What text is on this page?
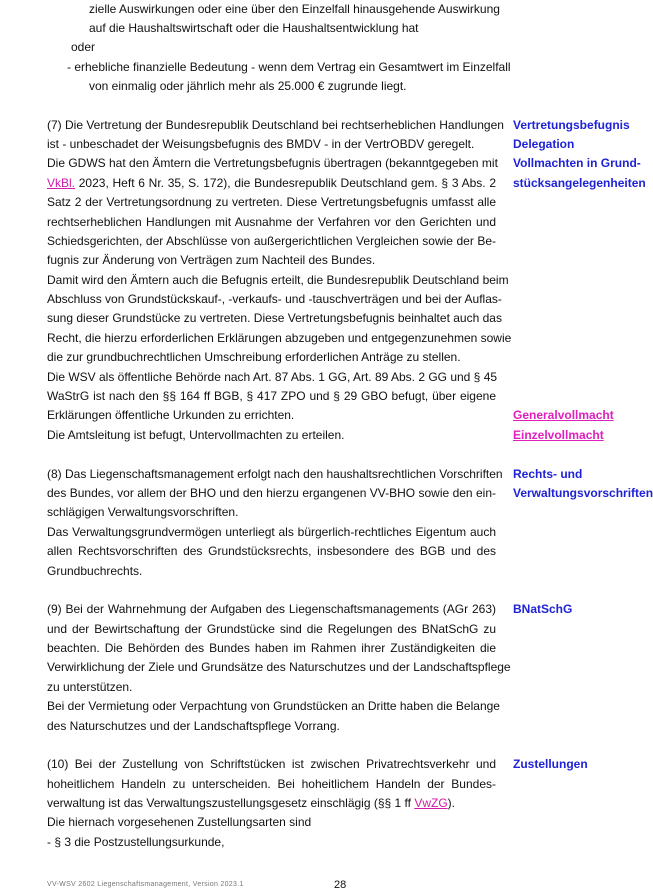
zielle Auswirkungen oder eine über den Einzelfall hinausgehende Auswirkung
auf die Haushaltswirtschaft oder die Haushaltsentwicklung hat
oder
- erhebliche finanzielle Bedeutung - wenn dem Vertrag ein Gesamtwert im Einzelfall
von einmalig oder jährlich mehr als 25.000 € zugrunde liegt.
(7) Die Vertretung der Bundesrepublik Deutschland bei rechtserheblichen Handlungen
ist - unbeschadet der Weisungsbefugnis des BMDV - in der VertrOBDV geregelt.
Die GDWS hat den Ämtern die Vertretungsbefugnis übertragen (bekanntgegeben mit
VkBl. 2023, Heft 6 Nr. 35, S. 172), die Bundesrepublik Deutschland gem. § 3 Abs. 2
Satz 2 der Vertretungsordnung zu vertreten. Diese Vertretungsbefugnis umfasst alle
rechtserheblichen Handlungen mit Ausnahme der Verfahren vor den Gerichten und
Schiedsgerichten, der Abschlüsse von außergerichtlichen Vergleichen sowie der Be-
fugnis zur Änderung von Verträgen zum Nachteil des Bundes.
Damit wird den Ämtern auch die Befugnis erteilt, die Bundesrepublik Deutschland beim
Abschluss von Grundstückskauf-, -verkaufs- und -tauschverträgen und bei der Auflas-
sung dieser Grundstücke zu vertreten. Diese Vertretungsbefugnis beinhaltet auch das
Recht, die hierzu erforderlichen Erklärungen abzugeben und entgegenzunehmen sowie
die zur grundbuchrechtlichen Umschreibung erforderlichen Anträge zu stellen.
Die WSV als öffentliche Behörde nach Art. 87 Abs. 1 GG, Art. 89 Abs. 2 GG und § 45
WaStrG ist nach den §§ 164 ff BGB, § 417 ZPO und § 29 GBO befugt, über eigene
Erklärungen öffentliche Urkunden zu errichten.
Die Amtsleitung ist befugt, Untervollmachten zu erteilen.
(8) Das Liegenschaftsmanagement erfolgt nach den haushaltsrechtlichen Vorschriften
des Bundes, vor allem der BHO und den hierzu ergangenen VV-BHO sowie den ein-
schlägigen Verwaltungsvorschriften.
Das Verwaltungsgrundvermögen unterliegt als bürgerlich-rechtliches Eigentum auch
allen Rechtsvorschriften des Grundstücksrechts, insbesondere des BGB und des
Grundbuchrechts.
(9) Bei der Wahrnehmung der Aufgaben des Liegenschaftsmanagements (AGr 263)
und der Bewirtschaftung der Grundstücke sind die Regelungen des BNatSchG zu
beachten. Die Behörden des Bundes haben im Rahmen ihrer Zuständigkeiten die
Verwirklichung der Ziele und Grundsätze des Naturschutzes und der Landschaftspflege
zu unterstützen.
Bei der Vermietung oder Verpachtung von Grundstücken an Dritte haben die Belange
des Naturschutzes und der Landschaftspflege Vorrang.
(10) Bei der Zustellung von Schriftstücken ist zwischen Privatrechtsverkehr und
hoheitlichem Handeln zu unterscheiden. Bei hoheitlichem Handeln der Bundes-
verwaltung ist das Verwaltungszustellungsgesetz einschlägig (§§ 1 ff VwZG).
Die hiernach vorgesehenen Zustellungsarten sind
- § 3 die Postzustellungsurkunde,
Vertretungsbefugnis
Delegation
Vollmachten in Grund-
stücksangelegenheiten
Generalvollmacht
Einzelvollmacht
Rechts- und
Verwaltungsvorschriften
BNatSchG
Zustellungen
VV-WSV 2602 Liegenschaftsmanagement, Version 2023.1	28
